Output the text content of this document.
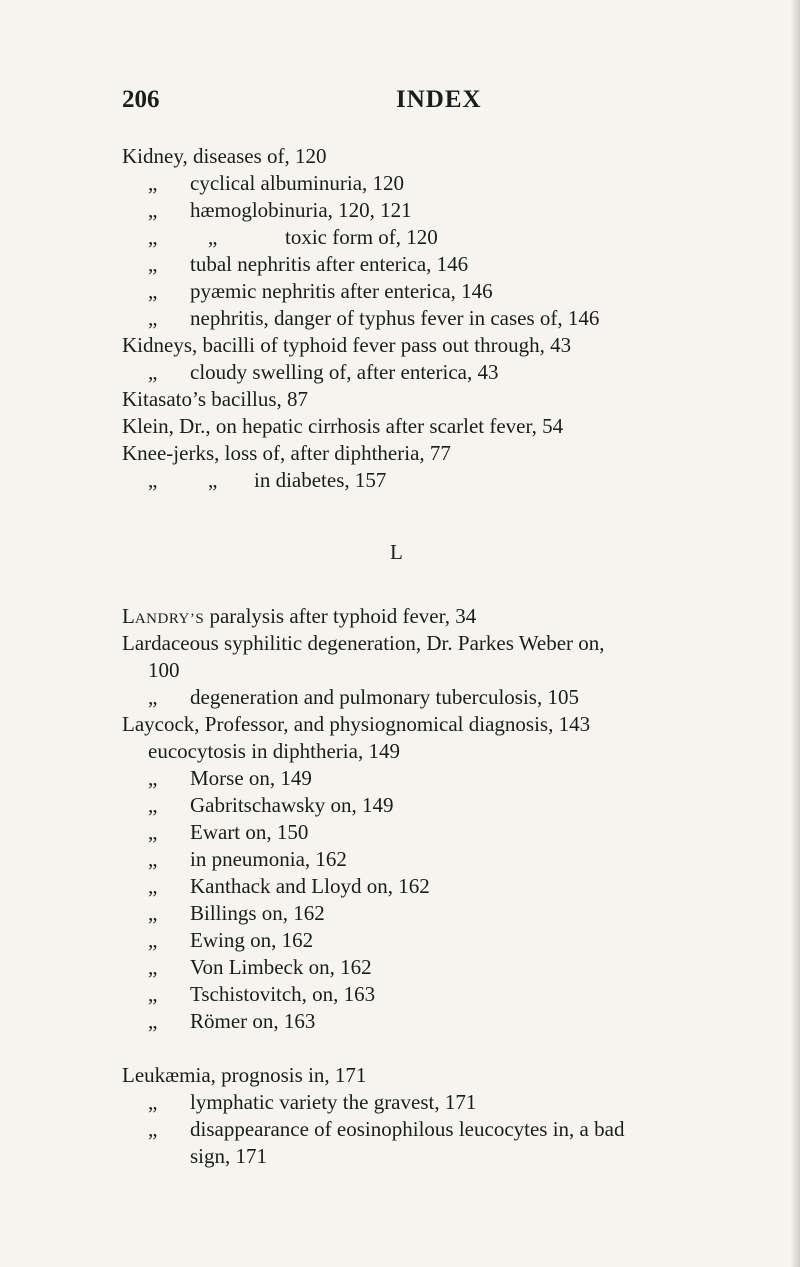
206	INDEX
Kidney, diseases of, 120
„ cyclical albuminuria, 120
„ hæmoglobinuria, 120, 121
„ „	toxic form of, 120
„ tubal nephritis after enterica, 146
„ pyæmic nephritis after enterica, 146
„ nephritis, danger of typhus fever in cases of, 146
Kidneys, bacilli of typhoid fever pass out through, 43
„ cloudy swelling of, after enterica, 43
Kitasato’s bacillus, 87
Klein, Dr., on hepatic cirrhosis after scarlet fever, 54
Knee-jerks, loss of, after diphtheria, 77
„ „ in diabetes, 157
L
LANDRY’S paralysis after typhoid fever, 34
Lardaceous syphilitic degeneration, Dr. Parkes Weber on,
100
„ degeneration and pulmonary tuberculosis, 105
Laycock, Professor, and physiognomical diagnosis, 143
eucocytosis in diphtheria, 149
„ Morse on, 149
„ Gabritschawsky on, 149
„ Ewart on, 150
„ in pneumonia, 162
„ Kanthack and Lloyd on, 162
„ Billings on, 162
„ Ewing on, 162
„ Von Limbeck on, 162
„ Tschistovitch, on, 163
„ Römer on, 163
Leukæmia, prognosis in, 171
„ lymphatic variety the gravest, 171
„ disappearance of eosinophilous leucocytes in, a bad
sign, 171
